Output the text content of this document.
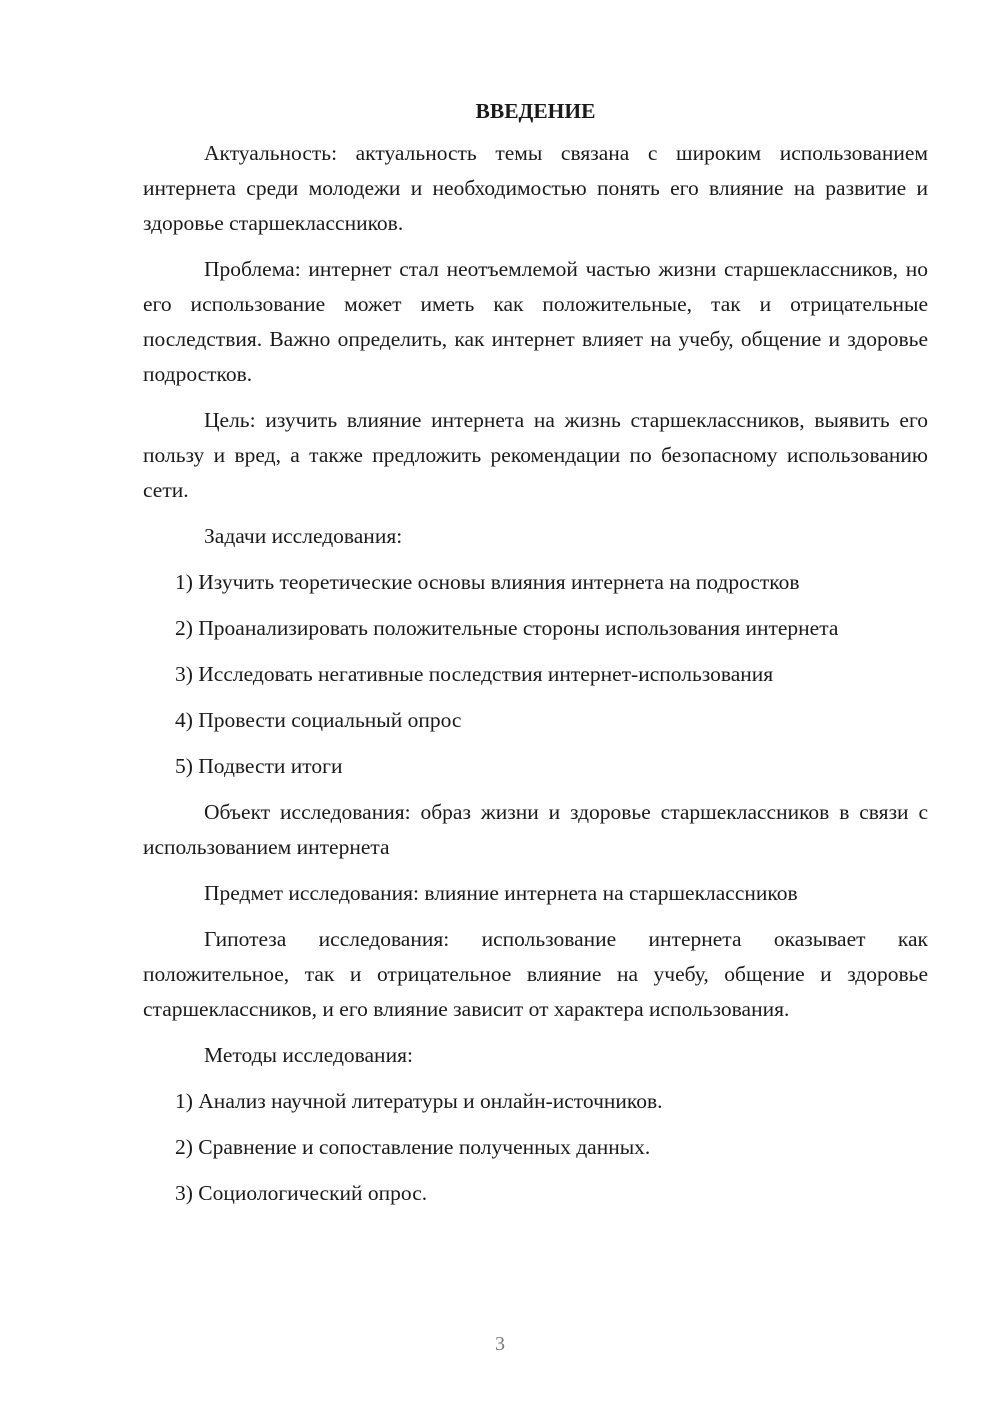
ВВЕДЕНИЕ

Актуальность: актуальность темы связана с широким использованием интернета среди молодежи и необходимостью понять его влияние на развитие и здоровье старшеклассников.

Проблема: интернет стал неотъемлемой частью жизни старшеклассников, но его использование может иметь как положительные, так и отрицательные последствия. Важно определить, как интернет влияет на учебу, общение и здоровье подростков.

Цель: изучить влияние интернета на жизнь старшеклассников, выявить его пользу и вред, а также предложить рекомендации по безопасному использованию сети.

Задачи исследования:

1) Изучить теоретические основы влияния интернета на подростков

2) Проанализировать положительные стороны использования интернета

3) Исследовать негативные последствия интернет-использования

4) Провести социальный опрос

5) Подвести итоги

Объект исследования: образ жизни и здоровье старшеклассников в связи с использованием интернета

Предмет исследования: влияние интернета на старшеклассников

Гипотеза исследования: использование интернета оказывает как положительное, так и отрицательное влияние на учебу, общение и здоровье старшеклассников, и его влияние зависит от характера использования.

Методы исследования:

1) Анализ научной литературы и онлайн-источников.

2) Сравнение и сопоставление полученных данных.

3) Социологический опрос.

3
